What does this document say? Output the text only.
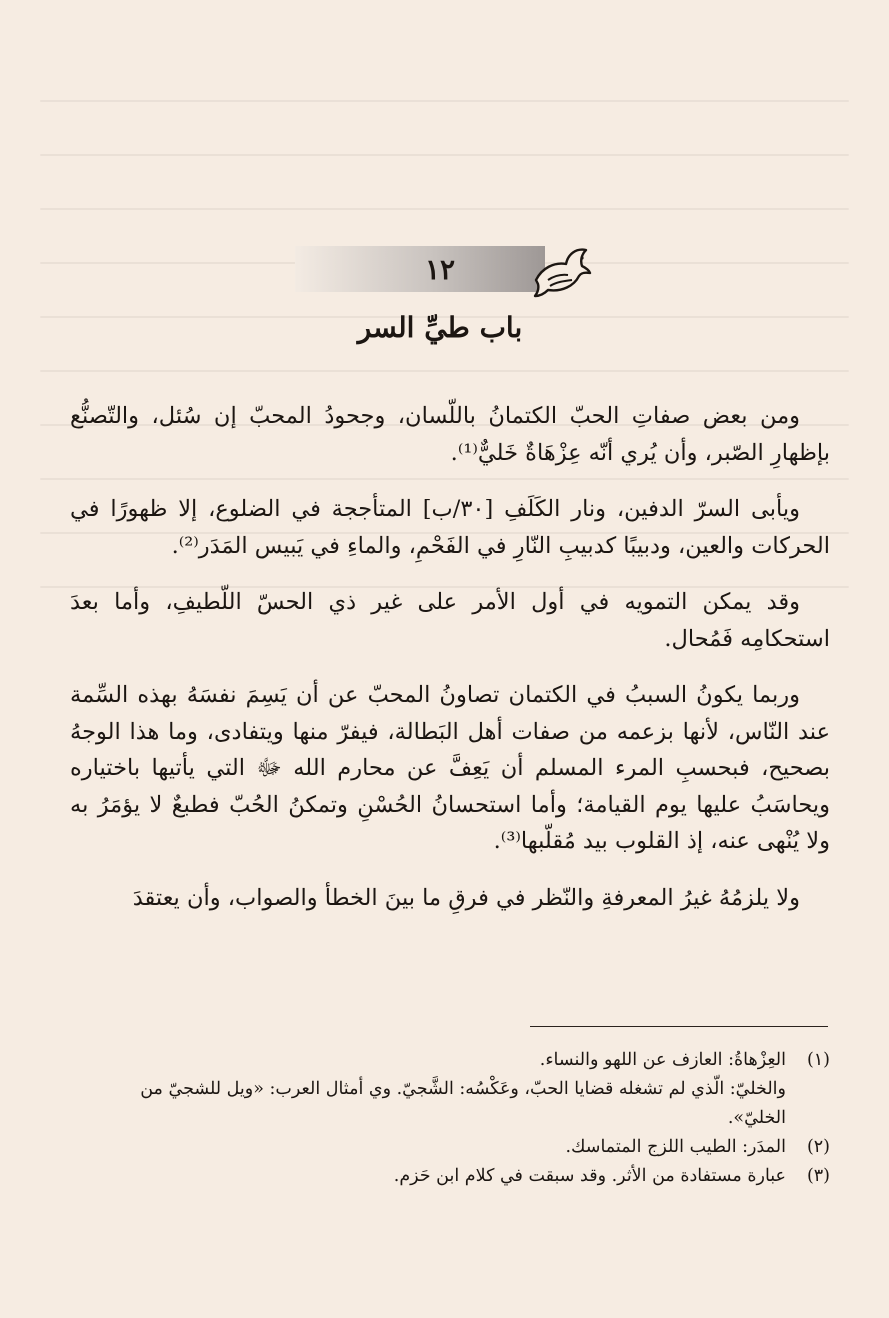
١٢
باب طيِّ السر

ومن بعض صفاتِ الحبّ الكتمانُ باللّسان، وجحودُ المحبّ إن سُئل، والتّصنُّع بإظهارِ الصّبر، وأن يُري أنّه عِزْهَاةٌ خَليٌّ⁽¹⁾.

ويأبى السرّ الدفين، ونار الكَلَفِ [٣٠/ب] المتأججة في الضلوع، إلا ظهورًا في الحركات والعين، ودبيبًا كدبيبِ النّارِ في الفَحْمِ، والماءِ في يَبيس المَدَر⁽²⁾.

وقد يمكن التمويه في أول الأمر على غير ذي الحسّ اللّطيفِ، وأما بعدَ استحكامِه فَمُحال.

وربما يكونُ السببُ في الكتمان تصاونُ المحبّ عن أن يَسِمَ نفسَهُ بهذه السِّمة عند النّاس، لأنها بزعمه من صفات أهل البَطالة، فيفرّ منها ويتفادى، وما هذا الوجهُ بصحيح، فبحسبِ المرء المسلم أن يَعِفَّ عن محارم الله ﷻ التي يأتيها باختياره ويحاسَبُ عليها يوم القيامة؛ وأما استحسانُ الحُسْنِ وتمكنُ الحُبّ فطبعٌ لا يؤمَرُ به ولا يُنْهى عنه، إذ القلوب بيد مُقلّبها⁽³⁾.

ولا يلزمُهُ غيرُ المعرفةِ والنّظر في فرقِ ما بينَ الخطأ والصواب، وأن يعتقدَ

(١)
العِزْهاةُ: العازف عن اللهو والنساء.
والخليّ: الّذي لم تشغله قضايا الحبّ، وعَكْسُه: الشَّجيّ. وي أمثال العرب: «ويل للشجيّ من الخليّ».
(٢)
المدَر: الطيب اللزج المتماسك.
(٣)
عبارة مستفادة من الأثر. وقد سبقت في كلام ابن حَزم.
